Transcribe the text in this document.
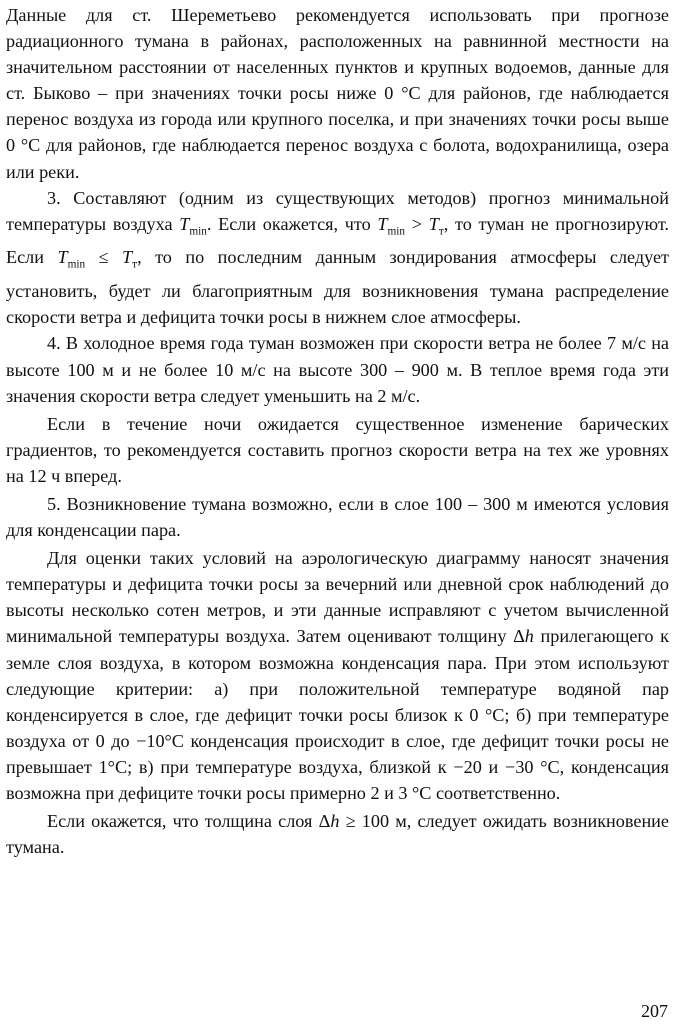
Данные для ст. Шереметьево рекомендуется использовать при прогнозе радиационного тумана в районах, расположенных на равнинной местности на значительном расстоянии от населенных пунктов и крупных водоемов, данные для ст. Быково – при значениях точки росы ниже 0 °С для районов, где наблюдается перенос воздуха из города или крупного поселка, и при значениях точки росы выше 0 °С для районов, где наблюдается перенос воздуха с болота, водохранилища, озера или реки.

3. Составляют (одним из существующих методов) прогноз минимальной температуры воздуха $T_{min}$. Если окажется, что $T_{min} > T_т$, то туман не прогнозируют. Если $T_{min} \le T_т$, то по последним данным зондирования атмосферы следует установить, будет ли благоприятным для возникновения тумана распределение скорости ветра и дефицита точки росы в нижнем слое атмосферы.

4. В холодное время года туман возможен при скорости ветра не более 7 м/с на высоте 100 м и не более 10 м/с на высоте 300 – 900 м. В теплое время года эти значения скорости ветра следует уменьшить на 2 м/с.

Если в течение ночи ожидается существенное изменение барических градиентов, то рекомендуется составить прогноз скорости ветра на тех же уровнях на 12 ч вперед.

5. Возникновение тумана возможно, если в слое 100 – 300 м имеются условия для конденсации пара.

Для оценки таких условий на аэрологическую диаграмму наносят значения температуры и дефицита точки росы за вечерний или дневной срок наблюдений до высоты несколько сотен метров, и эти данные исправляют с учетом вычисленной минимальной температуры воздуха. Затем оценивают толщину Δh прилегающего к земле слоя воздуха, в котором возможна конденсация пара. При этом используют следующие критерии: а) при положительной температуре водяной пар конденсируется в слое, где дефицит точки росы близок к 0 °С; б) при температуре воздуха от 0 до −10°С конденсация происходит в слое, где дефицит точки росы не превышает 1°С; в) при температуре воздуха, близкой к −20 и −30 °С, конденсация возможна при дефиците точки росы примерно 2 и 3 °С соответственно.

Если окажется, что толщина слоя Δh ≥ 100 м, следует ожидать возникновение тумана.

207
